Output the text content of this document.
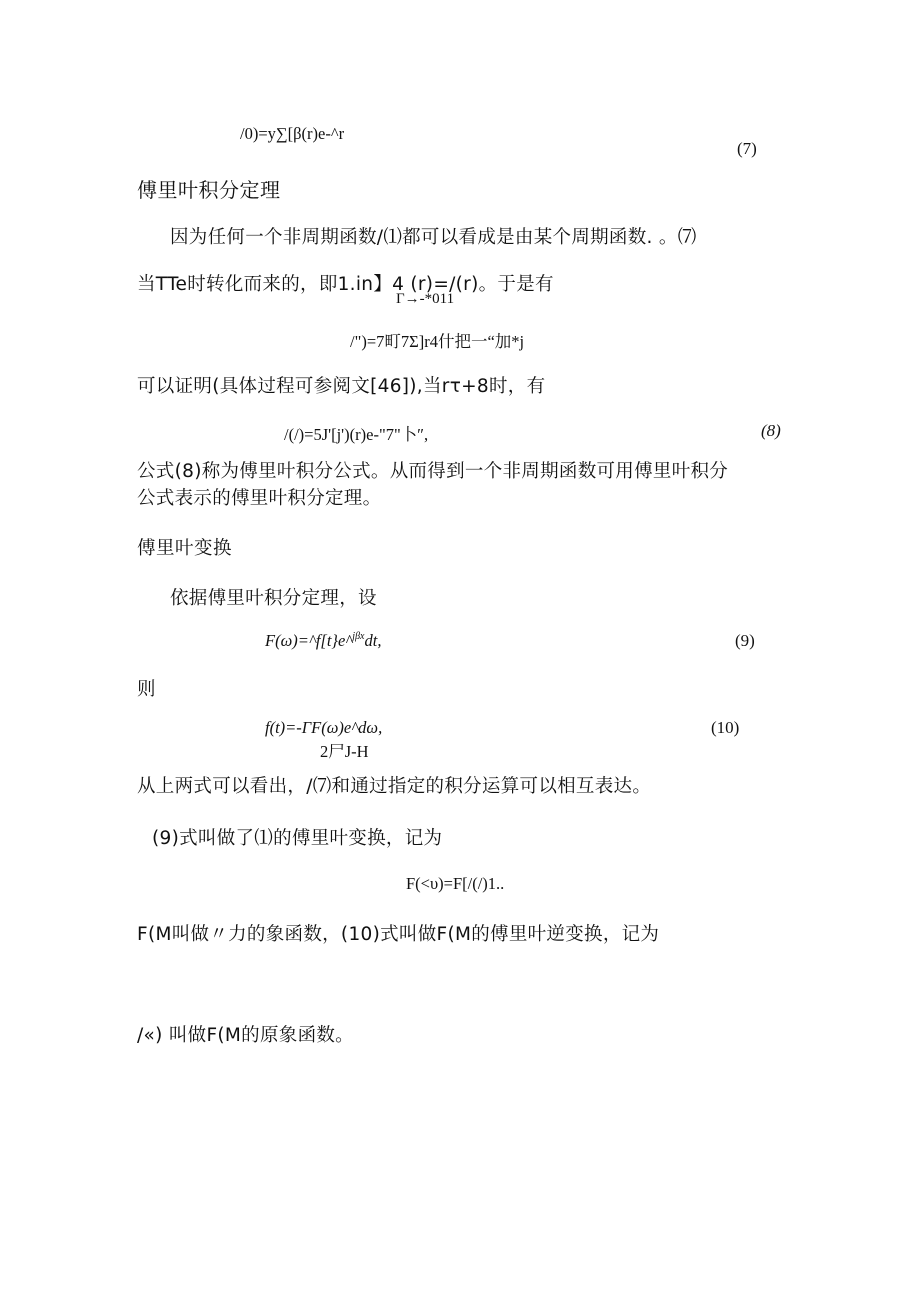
/0)=y∑[β(r)e-^r
(7)
傅里叶积分定理
因为任何一个非周期函数/⑴都可以看成是由某个周期函数. 。⑺
当TTe时转化而来的，即1.in】4 (r)=/(r)。于是有
Γ→-*011
/")=7町7Σ]r4什把一“加*j
可以证明(具体过程可参阅文[46]),当rτ+8时，有
/(/)=5J'[j')(r)e-"7"卜″,	(8)
公式(8)称为傅里叶积分公式。从而得到一个非周期函数可用傅里叶积分
公式表示的傅里叶积分定理。
傅里叶变换
依据傅里叶积分定理，设
F(ω)=^f[t}e^$^{j\beta x}$dt,	(9)
则
f(t)=-ΓF(ω)e^dω,
2尸J-H
(10)
从上两式可以看出，/⑺和通过指定的积分运算可以相互表达。
(9)式叫做了⑴的傅里叶变换，记为
F(<υ)=F[/(/)1..
F(M叫做〃力的象函数，(10)式叫做F(M的傅里叶逆变换，记为
/«) 叫做F(M的原象函数。
